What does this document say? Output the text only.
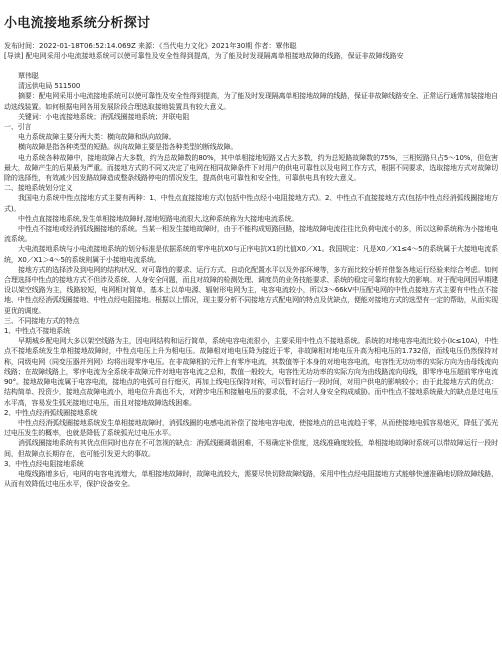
小电流接地系统分析探讨
发布时间：2022-01-18T06:52:14.069Z 来源：《当代电力文化》2021年30期 作者：覃伟聪
[导读] 配电网采用小电流接地系统可以使可靠性及安全性得到提高，为了能及时发现隔离单相接地故障的线路，保证非故障线路安

覃伟聪

清远供电局 511500

摘要：配电网采用小电流接地系统可以使可靠性及安全性得到提高，为了能及时发现隔离单相接地故障的线路，保证非故障线路安全、正常运行通常加装接地自动选线装置。如何根据电网各用发展阶段合理选取接地装置具有较大意义。

关键词：小电流接地系统；消弧线圈接地系统；并联电阻

一、引言

电力系统故障主要分两大类：横向故障和纵向故障。

横向故障是指各种类型的短路。纵向故障主要是指各种类型的断线故障。

电力系统各种故障中，接地故障占大多数，约为总故障数的80%，其中单相接地短路又占大多数，约为总短路故障数的75%，三相短路只占5～10%，但危害最大，故障产生的后果最为严重。而接地方式的不同又决定了电网在相同故障条件下对用户的供电可靠性以及电网工作方式，根据不同要求，选取接地方式对故障切除的选择性，有效减少因发路故障造成整条线路停电的情况发生，提高供电可靠性和安全性，可靠供电具有较大意义。

二、接地系统划分定义

我国电力系统中性点接地方式主要有两种：1、中性点直接接地方式(包括中性点经小电阻接地方式)。2、中性点不直接接地方式(包括中性点经消弧线圈接地方式)。

中性点直接接地系统,发生单相接地故障时,接地短路电流很大,这种系统称为大接地电流系统。

中性点不接地或经消弧线圈接地的系统。当某一相发生接地故障时，由于不能构成短路回路，接地故障电流往往比负荷电流小的多，所以这种系统称为小接地电流系统。

大电流接地系统与小电流接地系统的划分标准是依据系统的零序电抗X0与正序电抗X1的比值X0／X1。我国规定：凡是X0／X1≤4～5的系统属于大接地电流系统，X0／X1＞4～5的系统则属于小接地电流系统。

接地方式的选择涉及到电网的结构状况、对可靠性的要求、运行方式、自动化配置水平以及外部环境等，多方面比较分析并借鉴各地运行经验来综合考虑。如何合理选择中性点的接地方式不但涉及系统、人身安全问题，而且对故障的检测处理、调度员的业务技能要求、系统的稳定可靠均有较大的影响。对于配电网因早期建设以架空线路为主，线路较短，电网相对简单，基本上以单电源、辐射形电网为主，电容电流较小，所以3～66kV中压配电网的中性点接地方式主要有中性点不接地、中性点经消弧线圈接地、中性点经电阻接地。根据以上情况，现主要分析不同接地方式配电网的特点及优缺点，便能对接地方式的选型有一定的帮助，从而实现更优的调度。

三、不同接地方式的特点

1、中性点不接地系统

早期城乡配电网大多以架空线路为主，因电网结构和运行简单，系统电容电流很小，主要采用中性点不接地系统。系统的对地电容电流比较小(Ic≤10A)，中性点不接地系统发生单相接地故障时，中性点电压上升为相电压。故障相对地电压降为接近于零，非故障相对地电压升高为相电压的1.732倍，而线电压仍然保持对称，同级电网（同变压器并列网）均将出现零序电压。在非故障相的元件上有零序电流，其数值等于本身的对地电容电流，电容性无功功率的实际方向为由母线流向线路；在故障线路上，零序电流为全系统非故障元件对地电容电流之总和，数值一般较大，电容性无功功率的实际方向为由线路流向母线，即零序电压超前零序电流90°。接地故障电流属于电容电流，接地点的电弧可自行熄灭，再加上线电压保持对称，可以暂时运行一段时间，对用户供电的影响较小；由于此接地方式的优点：结构简单、投资少，接地点故障电流小，地电位升高也不大，对跨步电压和接触电压的要求低，不会对人身安全构成威胁。而中性点不接地系统最大的缺点是过电压水平高，容易发生弧光接地过电压，而且对接地故障选线困难。

2、中性点经消弧线圈接地系统

中性点经消弧线圈接地系统发生单相接地故障时，消弧线圈的电感电流补偿了接地电容电流，使接地点的总电流趋于零，从而使接地电弧容易熄灭，降低了弧光过电压发生的概率，也就是降低了系统弧光过电压水平。

消弧线圈接地系统有其优点但同时也存在不可忽视的缺点：消弧线圈调谐困难，不易确定补偿度，选线准确度较低，单相接地故障时系统可以带故障运行一段时间，但故障点长期存在，也可能引发更大的事故。

3、中性点经电阻接地系统

电缆线路增多后，电网的电容电流增大，单相接地故障时，故障电流较大，需要尽快切除故障线路，采用中性点经电阻接地方式能够快速准确地切除故障线路，从而有效降低过电压水平，保护设备安全。
